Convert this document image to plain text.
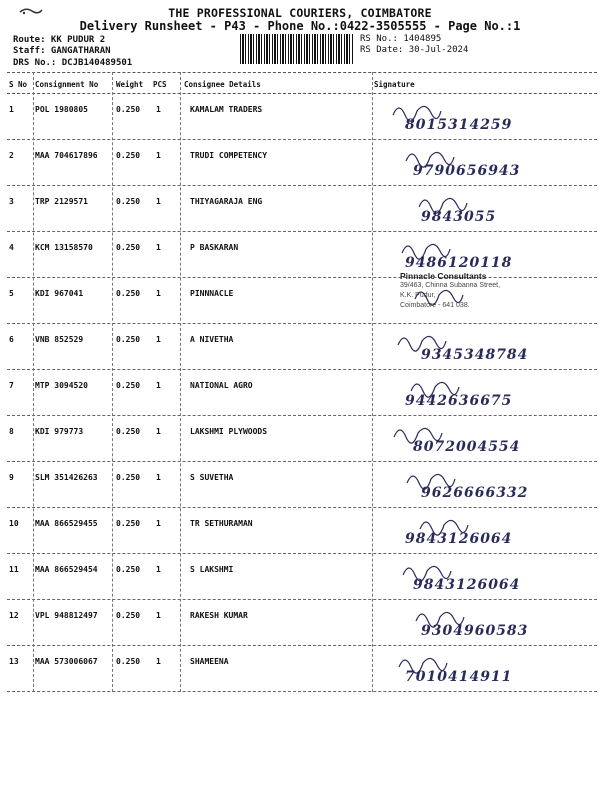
THE PROFESSIONAL COURIERS, COIMBATORE
Delivery Runsheet - P43 - Phone No.:0422-3505555 - Page No.:1
Route: KK PUDUR 2
Staff: GANGATHARAN
DRS No.: DCJB140489501
RS No.: 1404895
RS Date: 30-Jul-2024
S No Consignment No Weight PCS Consignee Details	Signature
1	POL 1980805	0.250 1	KAMALAM TRADERS
8015314259
2	MAA 704617896 0.250 1	TRUDI COMPETENCY
9790656943
3	TRP 2129571	0.250 1	THIYAGARAJA ENG
9843055
4	KCM 13158570	0.250 1	P BASKARAN
9486120118
5	KDI 967041	0.250 1	PINNNACLE
6	VNB 852529	0.250 1	A NIVETHA
9345348784
7	MTP 3094520	0.250 1	NATIONAL AGRO
9442636675
8	KDI 979773	0.250 1	LAKSHMI PLYWOODS
8072004554
9	SLM 351426263 0.250 1	S SUVETHA
9626666332
10 MAA 866529455 0.250 1	TR SETHURAMAN
9843126064
11 MAA 866529454 0.250 1	S LAKSHMI
9843126064
12 VPL 948812497 0.250 1	RAKESH KUMAR
9304960583
13 MAA 573006067 0.250 1	SHAMEENA
7010414911
Pinnacle Consultants
39/463, Chinna Subanna Street,
K.K. Pudur,
Coimbatore - 641 038.
